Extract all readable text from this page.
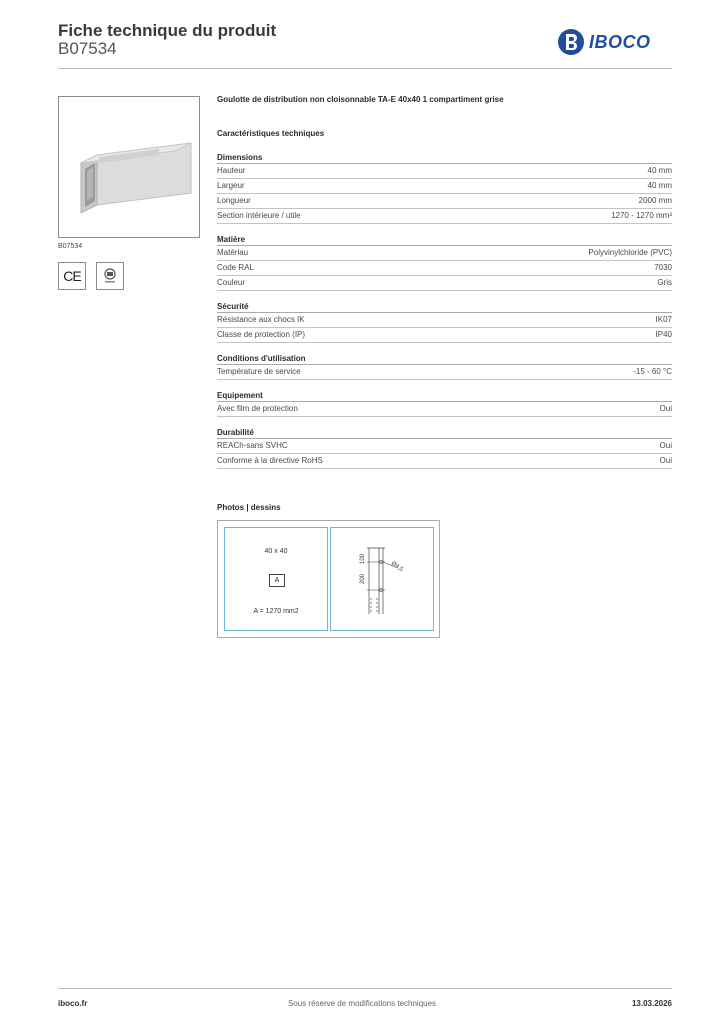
Fiche technique du produit
B07534	IBOCO
B07534
CE
Goulotte de distribution non cloisonnable TA-E 40x40 1 compartiment grise
Caractéristiques techniques
Dimensions
Hauteur	40 mm
Largeur	40 mm
Longueur	2000 mm
Section intérieure / utile	1270 - 1270 mm²
Matière
Matériau	Polyvinylchloride (PVC)
Code RAL	7030
Couleur	Gris
Sécurité
Résistance aux chocs IK	IK07
Classe de protection (IP)	IP40
Conditions d'utilisation
Température de service	-15 - 60 °C
Equipement
Avec film de protection	Oui
Durabilité
REACh-sans SVHC	Oui
Conforme à la directive RoHS	Oui
Photos | dessins
40 x 40
A
A = 1270 mm2
100
200
Ø4,5
iboco.fr	Sous réserve de modifications techniques	13.03.2026
